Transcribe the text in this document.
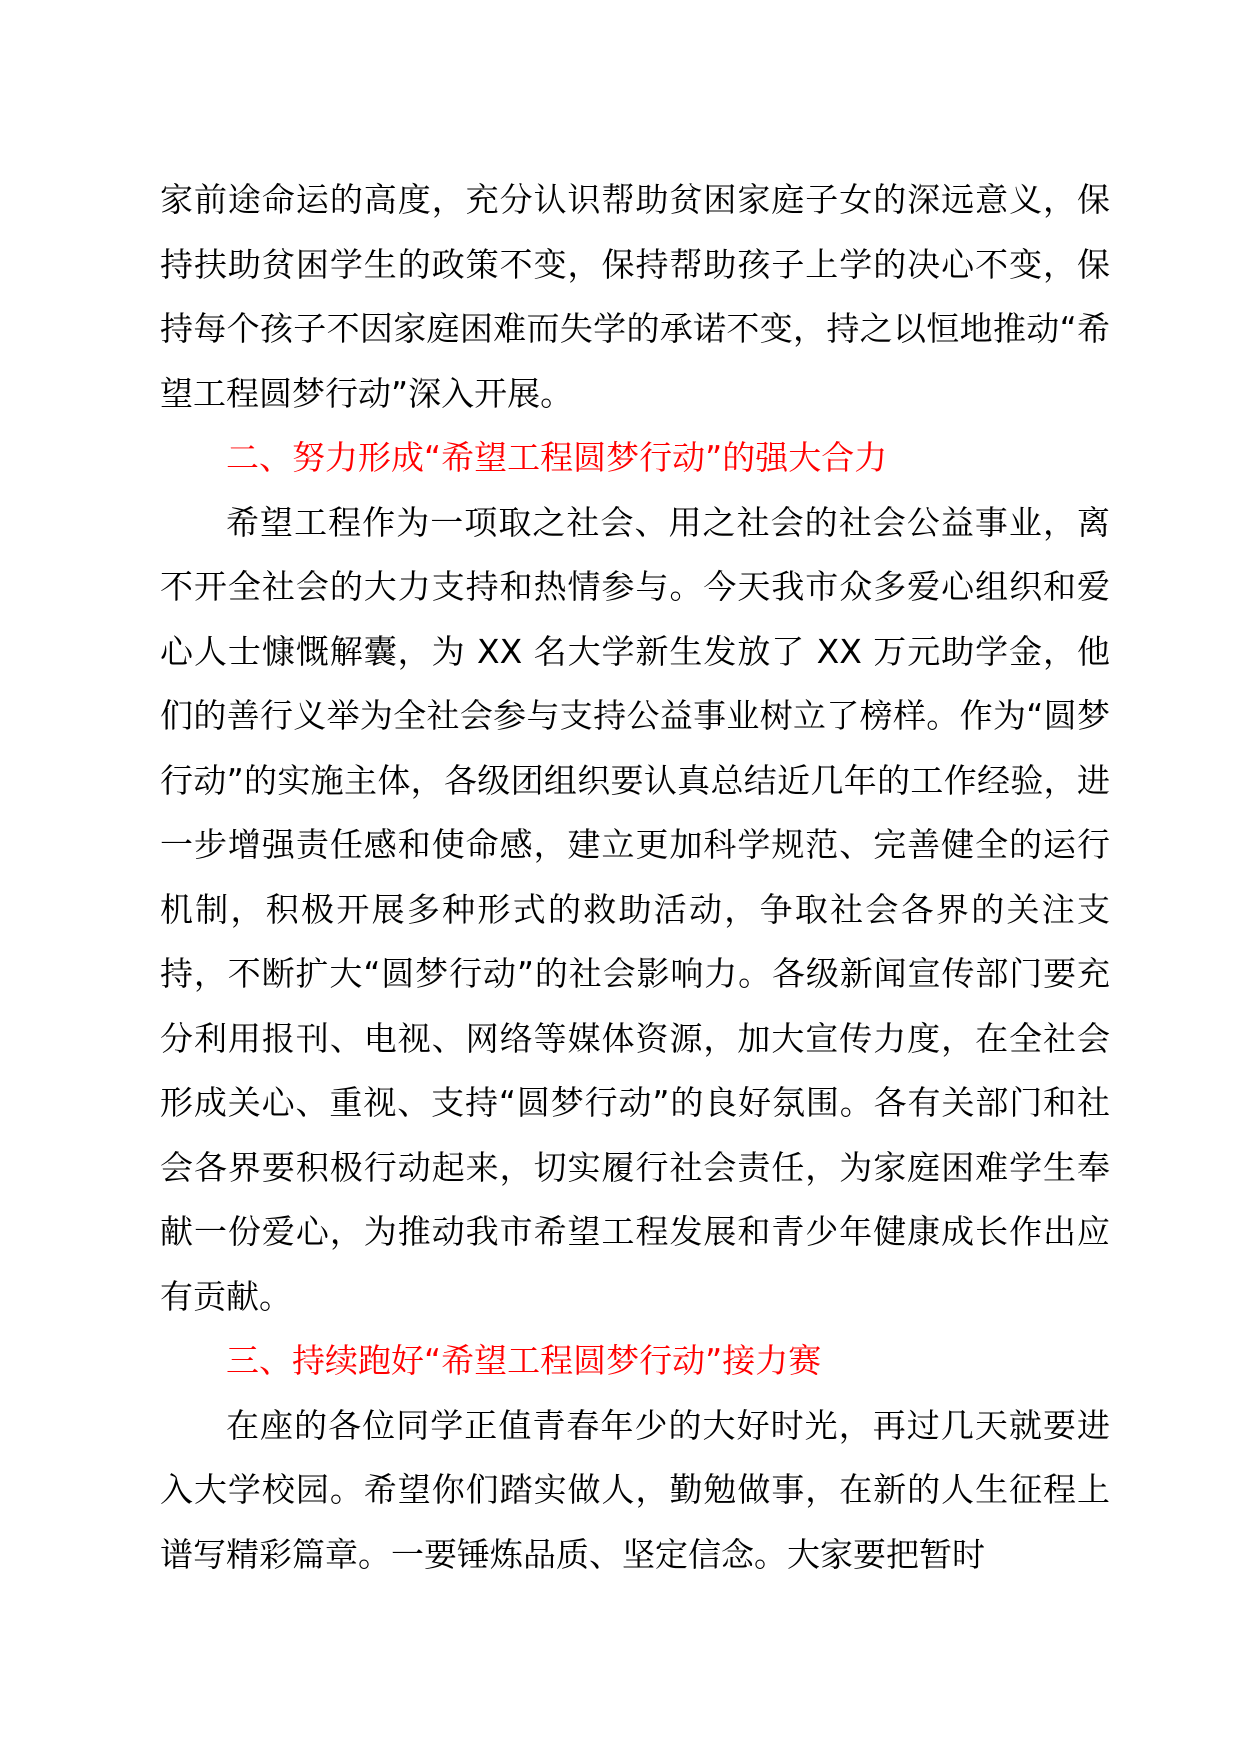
家前途命运的高度，充分认识帮助贫困家庭子女的深远意义，保持扶助贫困学生的政策不变，保持帮助孩子上学的决心不变，保持每个孩子不因家庭困难而失学的承诺不变，持之以恒地推动“希望工程圆梦行动”深入开展。

二、努力形成“希望工程圆梦行动”的强大合力

希望工程作为一项取之社会、用之社会的社会公益事业，离不开全社会的大力支持和热情参与。今天我市众多爱心组织和爱心人士慷慨解囊，为 XX 名大学新生发放了 XX 万元助学金，他们的善行义举为全社会参与支持公益事业树立了榜样。作为“圆梦行动”的实施主体，各级团组织要认真总结近几年的工作经验，进一步增强责任感和使命感，建立更加科学规范、完善健全的运行机制，积极开展多种形式的救助活动，争取社会各界的关注支持，不断扩大“圆梦行动”的社会影响力。各级新闻宣传部门要充分利用报刊、电视、网络等媒体资源，加大宣传力度，在全社会形成关心、重视、支持“圆梦行动”的良好氛围。各有关部门和社会各界要积极行动起来，切实履行社会责任，为家庭困难学生奉献一份爱心，为推动我市希望工程发展和青少年健康成长作出应有贡献。

三、持续跑好“希望工程圆梦行动”接力赛

在座的各位同学正值青春年少的大好时光，再过几天就要进入大学校园。希望你们踏实做人，勤勉做事，在新的人生征程上谱写精彩篇章。一要锤炼品质、坚定信念。大家要把暂时
